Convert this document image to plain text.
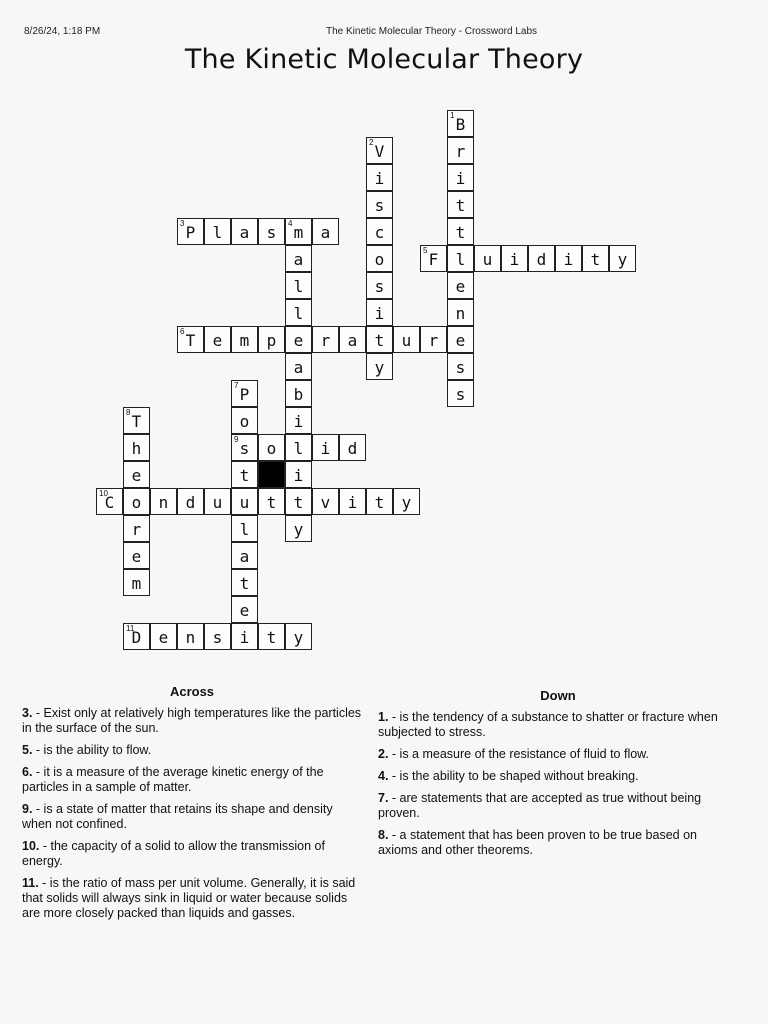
8/26/24, 1:18 PM	The Kinetic Molecular Theory - Crossword Labs
The Kinetic Molecular Theory
B
1
r
i
t
t
l
e
n
e
s
s
V
2
i
s
c
o
s
i
t
y
P
3 l a s m
4 a
a
l
l
e
a
b
i
l
i
t
y
F
5	u i d i t y
T
6 e m p	r a	u r
P
7
o
s
9
t
u
l
a
t
e
T
8
h
e
o
r
e
m
o	i d
C
10	n d u	t	v i t y
D
11 e n s i t y
Across
3. - Exist only at relatively high temperatures like the particles in the surface of the sun.
5. - is the ability to flow.
6. - it is a measure of the average kinetic energy of the particles in a sample of matter.
9. - is a state of matter that retains its shape and density when not confined.
10. - the capacity of a solid to allow the transmission of energy.
11. - is the ratio of mass per unit volume. Generally, it is said that solids will always sink in liquid or water because solids are more closely packed than liquids and gasses.
Down
1. - is the tendency of a substance to shatter or fracture when subjected to stress.
2. - is a measure of the resistance of fluid to flow.
4. - is the ability to be shaped without breaking.
7. - are statements that are accepted as true without being proven.
8. - a statement that has been proven to be true based on axioms and other theorems.
